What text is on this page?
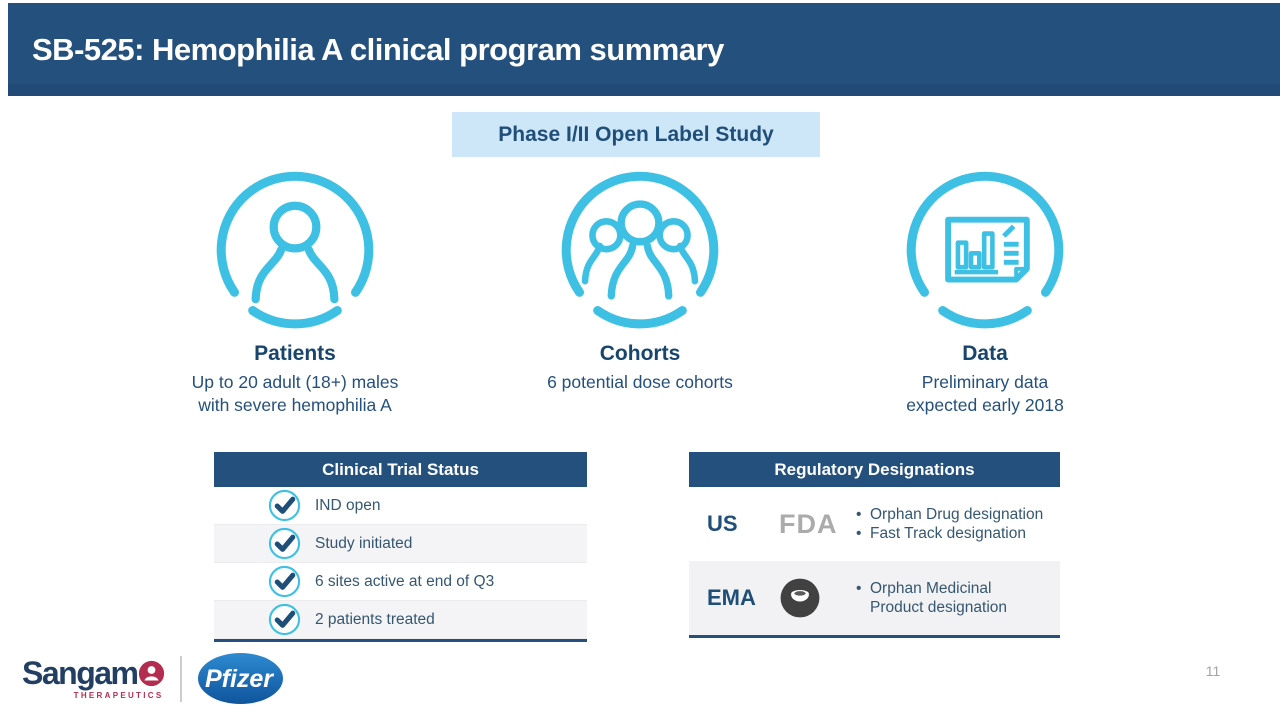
SB-525: Hemophilia A clinical program summary
Phase I/II Open Label Study
Patients
Up to 20 adult (18+) males
with severe hemophilia A
Cohorts
6 potential dose cohorts
Data
Preliminary data
expected early 2018
Clinical Trial Status
IND open
Study initiated
6 sites active at end of Q3
2 patients treated
Regulatory Designations
US	FDA	• Orphan Drug designation
• Fast Track designation
EMA	• Orphan Medicinal Product designation
Sangam
THERAPEUTICS
Pfizer	11
